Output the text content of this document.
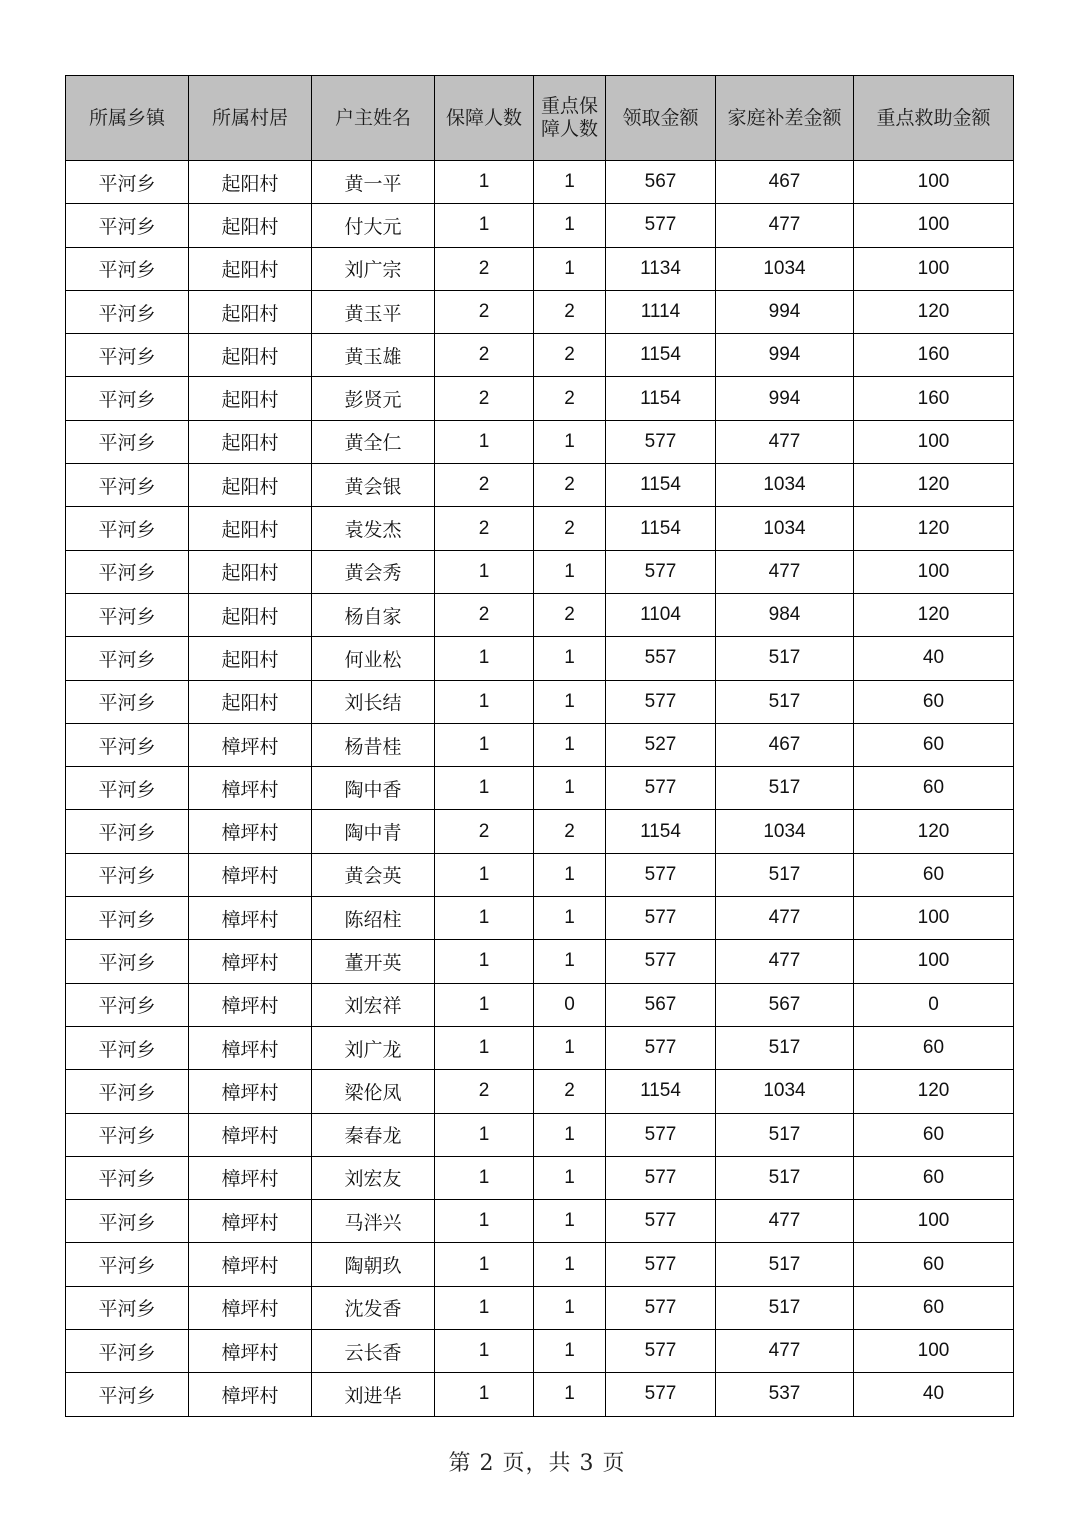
所属乡镇	所属村居	户主姓名	保障人数	重点保障人数	领取金额	家庭补差金额	重点救助金额
平河乡	起阳村	黄一平	1	1	567	467	100
平河乡	起阳村	付大元	1	1	577	477	100
平河乡	起阳村	刘广宗	2	1	1134	1034	100
平河乡	起阳村	黄玉平	2	2	1114	994	120
平河乡	起阳村	黄玉雄	2	2	1154	994	160
平河乡	起阳村	彭贤元	2	2	1154	994	160
平河乡	起阳村	黄全仁	1	1	577	477	100
平河乡	起阳村	黄会银	2	2	1154	1034	120
平河乡	起阳村	袁发杰	2	2	1154	1034	120
平河乡	起阳村	黄会秀	1	1	577	477	100
平河乡	起阳村	杨自家	2	2	1104	984	120
平河乡	起阳村	何业松	1	1	557	517	40
平河乡	起阳村	刘长结	1	1	577	517	60
平河乡	樟坪村	杨昔桂	1	1	527	467	60
平河乡	樟坪村	陶中香	1	1	577	517	60
平河乡	樟坪村	陶中青	2	2	1154	1034	120
平河乡	樟坪村	黄会英	1	1	577	517	60
平河乡	樟坪村	陈绍柱	1	1	577	477	100
平河乡	樟坪村	董开英	1	1	577	477	100
平河乡	樟坪村	刘宏祥	1	0	567	567	0
平河乡	樟坪村	刘广龙	1	1	577	517	60
平河乡	樟坪村	梁伦凤	2	2	1154	1034	120
平河乡	樟坪村	秦春龙	1	1	577	517	60
平河乡	樟坪村	刘宏友	1	1	577	517	60
平河乡	樟坪村	马泮兴	1	1	577	477	100
平河乡	樟坪村	陶朝玖	1	1	577	517	60
平河乡	樟坪村	沈发香	1	1	577	517	60
平河乡	樟坪村	云长香	1	1	577	477	100
平河乡	樟坪村	刘进华	1	1	577	537	40
第 2 页，共 3 页
